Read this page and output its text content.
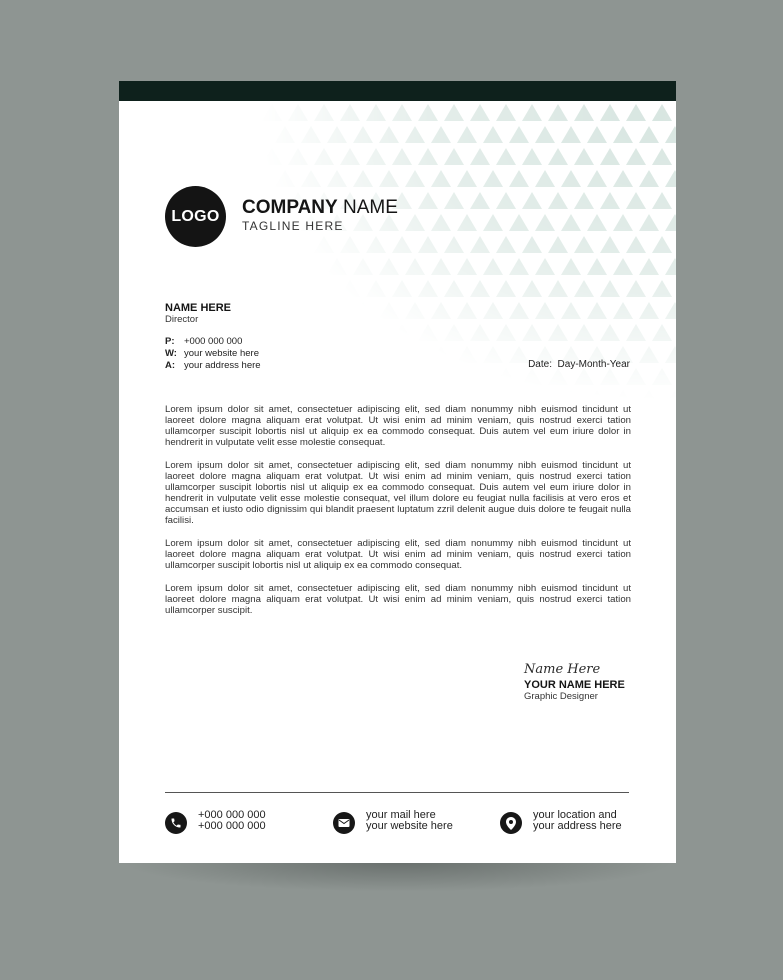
LOGO COMPANY NAME
TAGLINE HERE
NAME HERE
Director
P: +000 000 000
W: your website here
A: your address here	Date: Day-Month-Year

Lorem ipsum dolor sit amet, consectetuer adipiscing elit, sed diam nonummy nibh euismod tincidunt ut laoreet dolore magna aliquam erat volutpat. Ut wisi enim ad minim veniam, quis nostrud exerci tation ullamcorper suscipit lobortis nisl ut aliquip ex ea commodo consequat. Duis autem vel eum iriure dolor in hendrerit in vulputate velit esse molestie consequat.

Lorem ipsum dolor sit amet, consectetuer adipiscing elit, sed diam nonummy nibh euismod tincidunt ut laoreet dolore magna aliquam erat volutpat. Ut wisi enim ad minim veniam, quis nostrud exerci tation ullamcorper suscipit lobortis nisl ut aliquip ex ea commodo consequat. Duis autem vel eum iriure dolor in hendrerit in vulputate velit esse molestie consequat, vel illum dolore eu feugiat nulla facilisis at vero eros et accumsan et iusto odio dignissim qui blandit praesent luptatum zzril delenit augue duis dolore te feugait nulla facilisi.

Lorem ipsum dolor sit amet, consectetuer adipiscing elit, sed diam nonummy nibh euismod tincidunt ut laoreet dolore magna aliquam erat volutpat. Ut wisi enim ad minim veniam, quis nostrud exerci tation ullamcorper suscipit lobortis nisl ut aliquip ex ea commodo consequat.

Lorem ipsum dolor sit amet, consectetuer adipiscing elit, sed diam nonummy nibh euismod tincidunt ut laoreet dolore magna aliquam erat volutpat. Ut wisi enim ad minim veniam, quis nostrud exerci tation ullamcorper suscipit.

Name Here
YOUR NAME HERE
Graphic Designer
+000 000 000
+000 000 000
your mail here
your website here
your location and
your address here
